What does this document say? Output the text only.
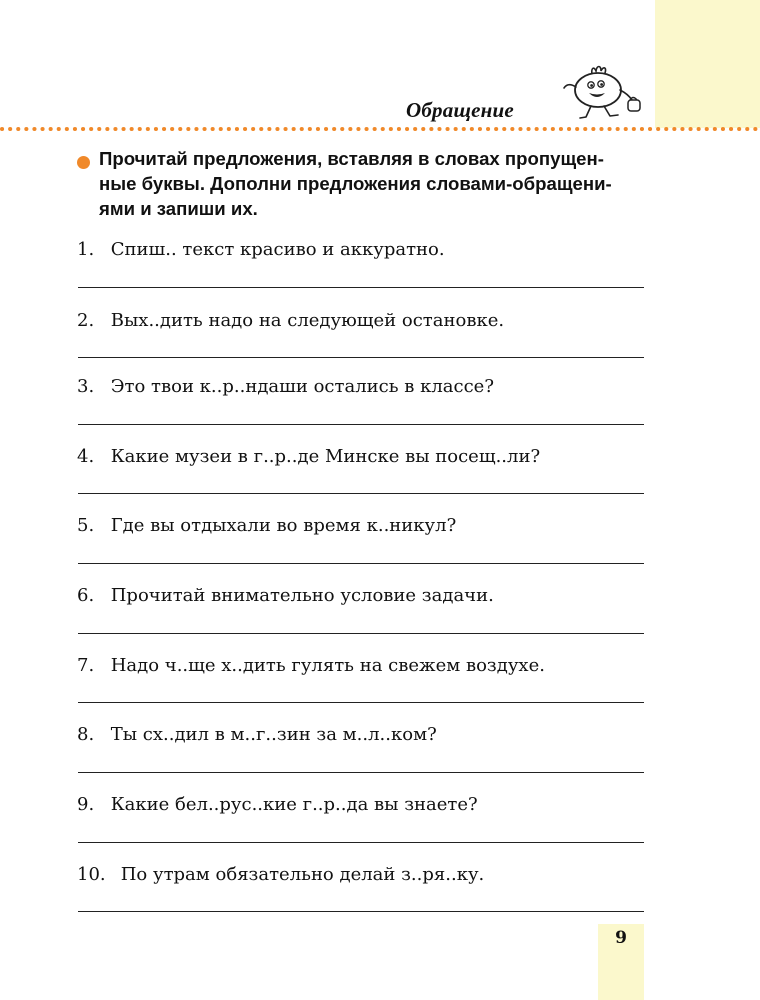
Обращение
Прочитай предложения, вставляя в словах пропущен-
ные буквы. Дополни предложения словами-обращени-
ями и запиши их.
1. Спиш.. текст красиво и аккуратно.
2. Вых..дить надо на следующей остановке.
3. Это твои к..р..ндаши остались в классе?
4. Какие музеи в г..р..де Минске вы посещ..ли?
5. Где вы отдыхали во время к..никул?
6. Прочитай внимательно условие задачи.
7. Надо ч..ще х..дить гулять на свежем воздухе.
8. Ты сх..дил в м..г..зин за м..л..ком?
9. Какие бел..рус..кие г..р..да вы знаете?
10. По утрам обязательно делай з..ря..ку.
9
